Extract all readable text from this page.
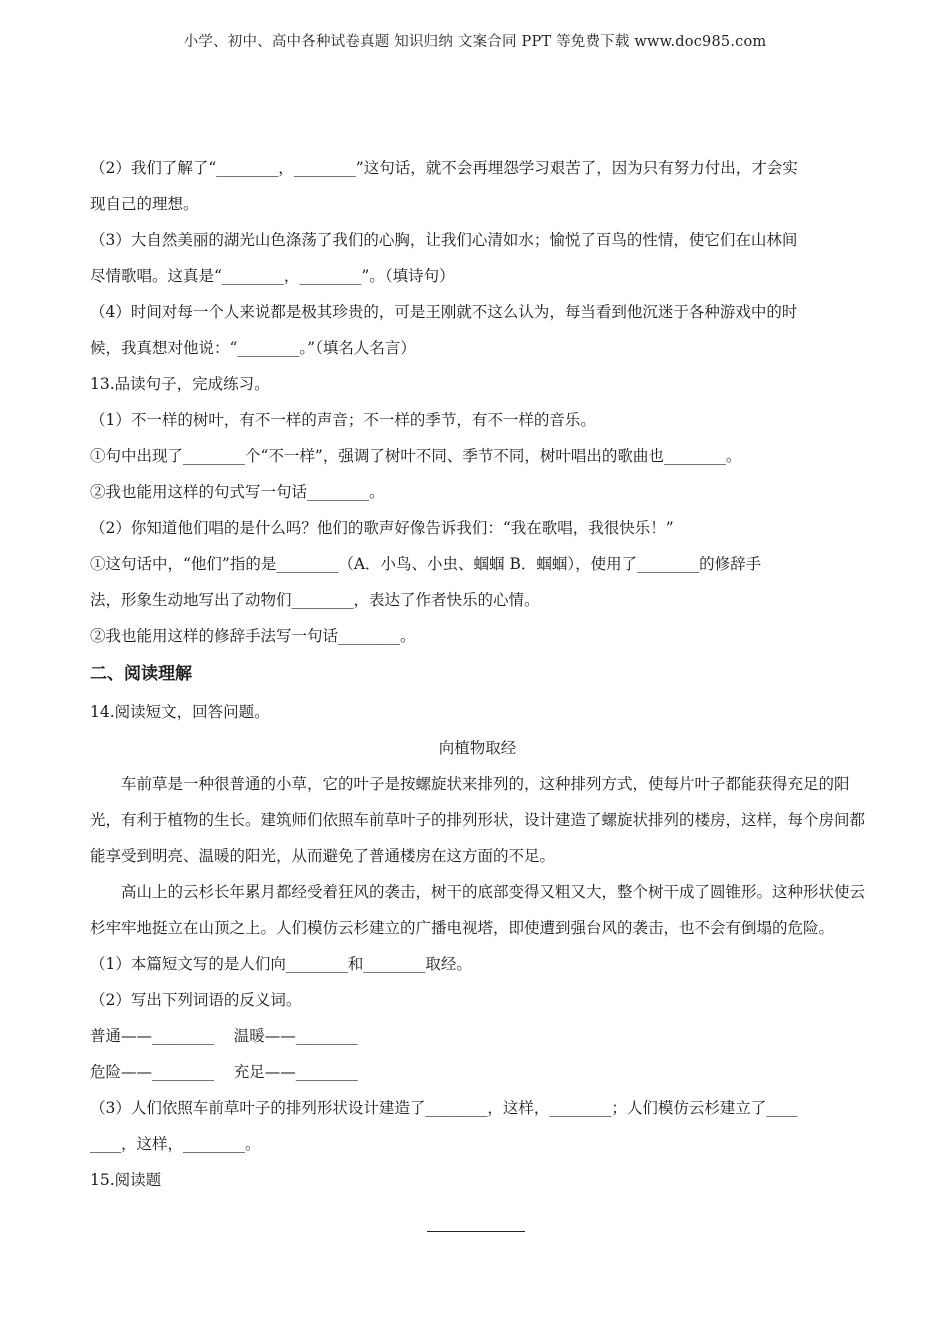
小学、初中、高中各种试卷真题 知识归纳 文案合同 PPT 等免费下载 www.doc985.com

（2）我们了解了“________，________”这句话，就不会再埋怨学习艰苦了，因为只有努力付出，才会实

现自己的理想。

（3）大自然美丽的湖光山色涤荡了我们的心胸，让我们心清如水；愉悦了百鸟的性情，使它们在山林间

尽情歌唱。这真是“________，________”。（填诗句）

（4）时间对每一个人来说都是极其珍贵的，可是王刚就不这么认为，每当看到他沉迷于各种游戏中的时

候，我真想对他说：“________。”（填名人名言）

13.品读句子，完成练习。

（1）不一样的树叶，有不一样的声音；不一样的季节，有不一样的音乐。

①句中出现了________个“不一样”，强调了树叶不同、季节不同，树叶唱出的歌曲也________。

②我也能用这样的句式写一句话________。

（2）你知道他们唱的是什么吗？他们的歌声好像告诉我们：“我在歌唱，我很快乐！”

①这句话中，“他们”指的是________（A．小鸟、小虫、蝈蝈 B．蝈蝈），使用了________的修辞手

法，形象生动地写出了动物们________，表达了作者快乐的心情。

②我也能用这样的修辞手法写一句话________。

二、阅读理解

14.阅读短文，回答问题。

向植物取经

车前草是一种很普通的小草，它的叶子是按螺旋状来排列的，这种排列方式，使每片叶子都能获得充足的阳光，有利于植物的生长。建筑师们依照车前草叶子的排列形状，设计建造了螺旋状排列的楼房，这样，每个房间都能享受到明亮、温暖的阳光，从而避免了普通楼房在这方面的不足。

高山上的云杉长年累月都经受着狂风的袭击，树干的底部变得又粗又大，整个树干成了圆锥形。这种形状使云杉牢牢地挺立在山顶之上。人们模仿云杉建立的广播电视塔，即使遭到强台风的袭击，也不会有倒塌的危险。

（1）本篇短文写的是人们向________和________取经。

（2）写出下列词语的反义词。

普通——________    温暖——________

危险——________    充足——________

（3）人们依照车前草叶子的排列形状设计建造了________，这样，________；人们模仿云杉建立了____

____，这样，________。

15.阅读题
